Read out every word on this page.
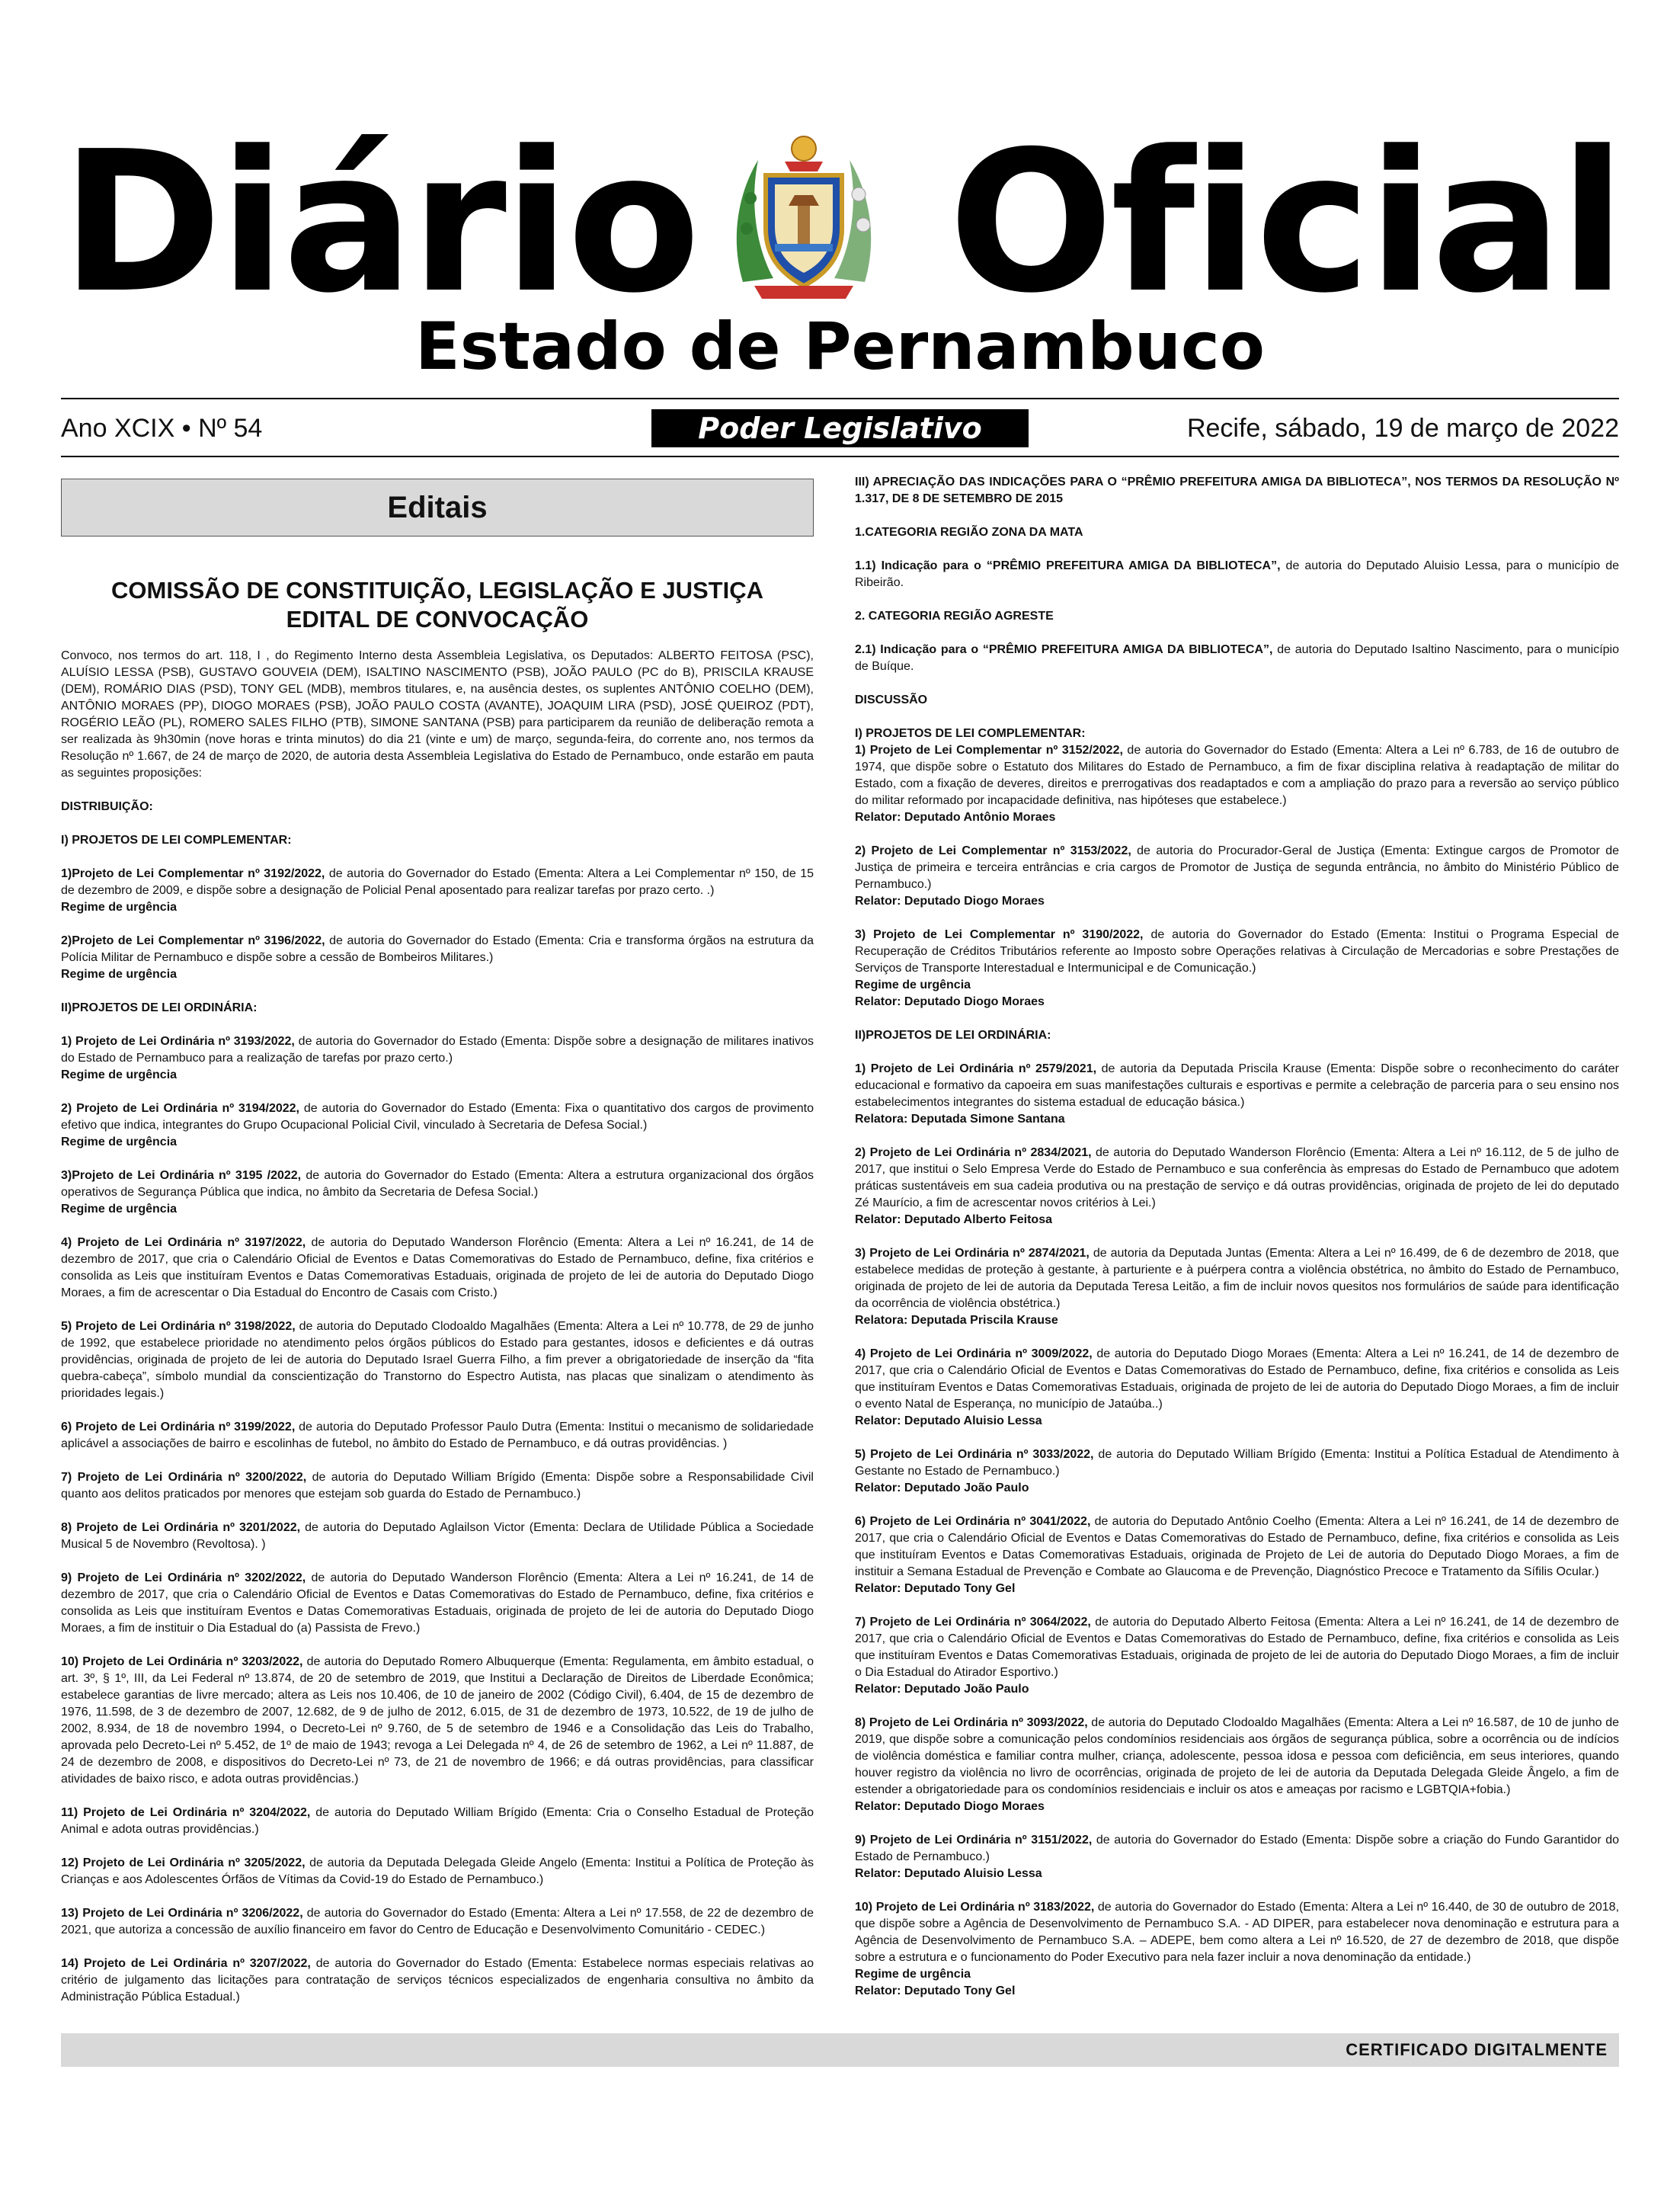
Diário Oficial
Estado de Pernambuco
Ano XCIX • Nº 54	Poder Legislativo	Recife, sábado, 19 de março de 2022
Editais
COMISSÃO DE CONSTITUIÇÃO, LEGISLAÇÃO E JUSTIÇA
EDITAL DE CONVOCAÇÃO

Convoco, nos termos do art. 118, I , do Regimento Interno desta Assembleia Legislativa, os Deputados: ALBERTO FEITOSA (PSC), ALUÍSIO LESSA (PSB), GUSTAVO GOUVEIA (DEM), ISALTINO NASCIMENTO (PSB), JOÃO PAULO (PC do B), PRISCILA KRAUSE (DEM), ROMÁRIO DIAS (PSD), TONY GEL (MDB), membros titulares, e, na ausência destes, os suplentes ANTÔNIO COELHO (DEM), ANTÔNIO MORAES (PP), DIOGO MORAES (PSB), JOÃO PAULO COSTA (AVANTE), JOAQUIM LIRA (PSD), JOSÉ QUEIROZ (PDT), ROGÉRIO LEÃO (PL), ROMERO SALES FILHO (PTB), SIMONE SANTANA (PSB) para participarem da reunião de deliberação remota a ser realizada às 9h30min (nove horas e trinta minutos) do dia 21 (vinte e um) de março, segunda-feira, do corrente ano, nos termos da Resolução nº 1.667, de 24 de março de 2020, de autoria desta Assembleia Legislativa do Estado de Pernambuco, onde estarão em pauta as seguintes proposições:

DISTRIBUIÇÃO:

I) PROJETOS DE LEI COMPLEMENTAR:

1)Projeto de Lei Complementar nº 3192/2022, de autoria do Governador do Estado (Ementa: Altera a Lei Complementar nº 150, de 15 de dezembro de 2009, e dispõe sobre a designação de Policial Penal aposentado para realizar tarefas por prazo certo. .)
Regime de urgência

2)Projeto de Lei Complementar nº 3196/2022, de autoria do Governador do Estado (Ementa: Cria e transforma órgãos na estrutura da Polícia Militar de Pernambuco e dispõe sobre a cessão de Bombeiros Militares.)
Regime de urgência

II)PROJETOS DE LEI ORDINÁRIA:

1) Projeto de Lei Ordinária nº 3193/2022, de autoria do Governador do Estado (Ementa: Dispõe sobre a designação de militares inativos do Estado de Pernambuco para a realização de tarefas por prazo certo.)
Regime de urgência

2) Projeto de Lei Ordinária nº 3194/2022, de autoria do Governador do Estado (Ementa: Fixa o quantitativo dos cargos de provimento efetivo que indica, integrantes do Grupo Ocupacional Policial Civil, vinculado à Secretaria de Defesa Social.)
Regime de urgência

3)Projeto de Lei Ordinária nº 3195 /2022, de autoria do Governador do Estado (Ementa: Altera a estrutura organizacional dos órgãos operativos de Segurança Pública que indica, no âmbito da Secretaria de Defesa Social.)
Regime de urgência

4) Projeto de Lei Ordinária nº 3197/2022, de autoria do Deputado Wanderson Florêncio (Ementa: Altera a Lei nº 16.241, de 14 de dezembro de 2017, que cria o Calendário Oficial de Eventos e Datas Comemorativas do Estado de Pernambuco, define, fixa critérios e consolida as Leis que instituíram Eventos e Datas Comemorativas Estaduais, originada de projeto de lei de autoria do Deputado Diogo Moraes, a fim de acrescentar o Dia Estadual do Encontro de Casais com Cristo.)

5) Projeto de Lei Ordinária nº 3198/2022, de autoria do Deputado Clodoaldo Magalhães (Ementa: Altera a Lei nº 10.778, de 29 de junho de 1992, que estabelece prioridade no atendimento pelos órgãos públicos do Estado para gestantes, idosos e deficientes e dá outras providências, originada de projeto de lei de autoria do Deputado Israel Guerra Filho, a fim prever a obrigatoriedade de inserção da “fita quebra-cabeça”, símbolo mundial da conscientização do Transtorno do Espectro Autista, nas placas que sinalizam o atendimento às prioridades legais.)

6) Projeto de Lei Ordinária nº 3199/2022, de autoria do Deputado Professor Paulo Dutra (Ementa: Institui o mecanismo de solidariedade aplicável a associações de bairro e escolinhas de futebol, no âmbito do Estado de Pernambuco, e dá outras providências. )

7) Projeto de Lei Ordinária nº 3200/2022, de autoria do Deputado William Brígido (Ementa: Dispõe sobre a Responsabilidade Civil quanto aos delitos praticados por menores que estejam sob guarda do Estado de Pernambuco.)

8) Projeto de Lei Ordinária nº 3201/2022, de autoria do Deputado Aglailson Victor (Ementa: Declara de Utilidade Pública a Sociedade Musical 5 de Novembro (Revoltosa). )

9) Projeto de Lei Ordinária nº 3202/2022, de autoria do Deputado Wanderson Florêncio (Ementa: Altera a Lei nº 16.241, de 14 de dezembro de 2017, que cria o Calendário Oficial de Eventos e Datas Comemorativas do Estado de Pernambuco, define, fixa critérios e consolida as Leis que instituíram Eventos e Datas Comemorativas Estaduais, originada de projeto de lei de autoria do Deputado Diogo Moraes, a fim de instituir o Dia Estadual do (a) Passista de Frevo.)

10) Projeto de Lei Ordinária nº 3203/2022, de autoria do Deputado Romero Albuquerque (Ementa: Regulamenta, em âmbito estadual, o art. 3º, § 1º, III, da Lei Federal nº 13.874, de 20 de setembro de 2019, que Institui a Declaração de Direitos de Liberdade Econômica; estabelece garantias de livre mercado; altera as Leis nos 10.406, de 10 de janeiro de 2002 (Código Civil), 6.404, de 15 de dezembro de 1976, 11.598, de 3 de dezembro de 2007, 12.682, de 9 de julho de 2012, 6.015, de 31 de dezembro de 1973, 10.522, de 19 de julho de 2002, 8.934, de 18 de novembro 1994, o Decreto-Lei nº 9.760, de 5 de setembro de 1946 e a Consolidação das Leis do Trabalho, aprovada pelo Decreto-Lei nº 5.452, de 1º de maio de 1943; revoga a Lei Delegada nº 4, de 26 de setembro de 1962, a Lei nº 11.887, de 24 de dezembro de 2008, e dispositivos do Decreto-Lei nº 73, de 21 de novembro de 1966; e dá outras providências, para classificar atividades de baixo risco, e adota outras providências.)

11) Projeto de Lei Ordinária nº 3204/2022, de autoria do Deputado William Brígido (Ementa: Cria o Conselho Estadual de Proteção Animal e adota outras providências.)

12) Projeto de Lei Ordinária nº 3205/2022, de autoria da Deputada Delegada Gleide Angelo (Ementa: Institui a Política de Proteção às Crianças e aos Adolescentes Órfãos de Vítimas da Covid-19 do Estado de Pernambuco.)

13) Projeto de Lei Ordinária nº 3206/2022, de autoria do Governador do Estado (Ementa: Altera a Lei nº 17.558, de 22 de dezembro de 2021, que autoriza a concessão de auxílio financeiro em favor do Centro de Educação e Desenvolvimento Comunitário - CEDEC.)

14) Projeto de Lei Ordinária nº 3207/2022, de autoria do Governador do Estado (Ementa: Estabelece normas especiais relativas ao critério de julgamento das licitações para contratação de serviços técnicos especializados de engenharia consultiva no âmbito da Administração Pública Estadual.)

III) APRECIAÇÃO DAS INDICAÇÕES PARA O “PRÊMIO PREFEITURA AMIGA DA BIBLIOTECA”, NOS TERMOS DA RESOLUÇÃO Nº 1.317, DE 8 DE SETEMBRO DE 2015

1.CATEGORIA REGIÃO ZONA DA MATA

1.1) Indicação para o “PRÊMIO PREFEITURA AMIGA DA BIBLIOTECA”, de autoria do Deputado Aluisio Lessa, para o município de Ribeirão.

2. CATEGORIA REGIÃO AGRESTE

2.1) Indicação para o “PRÊMIO PREFEITURA AMIGA DA BIBLIOTECA”, de autoria do Deputado Isaltino Nascimento, para o município de Buíque.

DISCUSSÃO

I) PROJETOS DE LEI COMPLEMENTAR:

1) Projeto de Lei Complementar nº 3152/2022, de autoria do Governador do Estado (Ementa: Altera a Lei nº 6.783, de 16 de outubro de 1974, que dispõe sobre o Estatuto dos Militares do Estado de Pernambuco, a fim de fixar disciplina relativa à readaptação de militar do Estado, com a fixação de deveres, direitos e prerrogativas dos readaptados e com a ampliação do prazo para a reversão ao serviço público do militar reformado por incapacidade definitiva, nas hipóteses que estabelece.)
Relator: Deputado Antônio Moraes

2) Projeto de Lei Complementar nº 3153/2022, de autoria do Procurador-Geral de Justiça (Ementa: Extingue cargos de Promotor de Justiça de primeira e terceira entrâncias e cria cargos de Promotor de Justiça de segunda entrância, no âmbito do Ministério Público de Pernambuco.)
Relator: Deputado Diogo Moraes

3) Projeto de Lei Complementar nº 3190/2022, de autoria do Governador do Estado (Ementa: Institui o Programa Especial de Recuperação de Créditos Tributários referente ao Imposto sobre Operações relativas à Circulação de Mercadorias e sobre Prestações de Serviços de Transporte Interestadual e Intermunicipal e de Comunicação.)
Regime de urgência
Relator: Deputado Diogo Moraes

II)PROJETOS DE LEI ORDINÁRIA:

1) Projeto de Lei Ordinária nº 2579/2021, de autoria da Deputada Priscila Krause (Ementa: Dispõe sobre o reconhecimento do caráter educacional e formativo da capoeira em suas manifestações culturais e esportivas e permite a celebração de parceria para o seu ensino nos estabelecimentos integrantes do sistema estadual de educação básica.)
Relatora: Deputada Simone Santana

2) Projeto de Lei Ordinária nº 2834/2021, de autoria do Deputado Wanderson Florêncio (Ementa: Altera a Lei nº 16.112, de 5 de julho de 2017, que institui o Selo Empresa Verde do Estado de Pernambuco e sua conferência às empresas do Estado de Pernambuco que adotem práticas sustentáveis em sua cadeia produtiva ou na prestação de serviço e dá outras providências, originada de projeto de lei do deputado Zé Maurício, a fim de acrescentar novos critérios à Lei.)
Relator: Deputado Alberto Feitosa

3) Projeto de Lei Ordinária nº 2874/2021, de autoria da Deputada Juntas (Ementa: Altera a Lei nº 16.499, de 6 de dezembro de 2018, que estabelece medidas de proteção à gestante, à parturiente e à puérpera contra a violência obstétrica, no âmbito do Estado de Pernambuco, originada de projeto de lei de autoria da Deputada Teresa Leitão, a fim de incluir novos quesitos nos formulários de saúde para identificação da ocorrência de violência obstétrica.)
Relatora: Deputada Priscila Krause

4) Projeto de Lei Ordinária nº 3009/2022, de autoria do Deputado Diogo Moraes (Ementa: Altera a Lei nº 16.241, de 14 de dezembro de 2017, que cria o Calendário Oficial de Eventos e Datas Comemorativas do Estado de Pernambuco, define, fixa critérios e consolida as Leis que instituíram Eventos e Datas Comemorativas Estaduais, originada de projeto de lei de autoria do Deputado Diogo Moraes, a fim de incluir o evento Natal de Esperança, no município de Jataúba..)
Relator: Deputado Aluisio Lessa

5) Projeto de Lei Ordinária nº 3033/2022, de autoria do Deputado William Brígido (Ementa: Institui a Política Estadual de Atendimento à Gestante no Estado de Pernambuco.)
Relator: Deputado João Paulo

6) Projeto de Lei Ordinária nº 3041/2022, de autoria do Deputado Antônio Coelho (Ementa: Altera a Lei nº 16.241, de 14 de dezembro de 2017, que cria o Calendário Oficial de Eventos e Datas Comemorativas do Estado de Pernambuco, define, fixa critérios e consolida as Leis que instituíram Eventos e Datas Comemorativas Estaduais, originada de Projeto de Lei de autoria do Deputado Diogo Moraes, a fim de instituir a Semana Estadual de Prevenção e Combate ao Glaucoma e de Prevenção, Diagnóstico Precoce e Tratamento da Sífilis Ocular.)
Relator: Deputado Tony Gel

7) Projeto de Lei Ordinária nº 3064/2022, de autoria do Deputado Alberto Feitosa (Ementa: Altera a Lei nº 16.241, de 14 de dezembro de 2017, que cria o Calendário Oficial de Eventos e Datas Comemorativas do Estado de Pernambuco, define, fixa critérios e consolida as Leis que instituíram Eventos e Datas Comemorativas Estaduais, originada de projeto de lei de autoria do Deputado Diogo Moraes, a fim de incluir o Dia Estadual do Atirador Esportivo.)
Relator: Deputado João Paulo

8) Projeto de Lei Ordinária nº 3093/2022, de autoria do Deputado Clodoaldo Magalhães (Ementa: Altera a Lei nº 16.587, de 10 de junho de 2019, que dispõe sobre a comunicação pelos condomínios residenciais aos órgãos de segurança pública, sobre a ocorrência ou de indícios de violência doméstica e familiar contra mulher, criança, adolescente, pessoa idosa e pessoa com deficiência, em seus interiores, quando houver registro da violência no livro de ocorrências, originada de projeto de lei de autoria da Deputada Delegada Gleide Ângelo, a fim de estender a obrigatoriedade para os condomínios residenciais e incluir os atos e ameaças por racismo e LGBTQIA+fobia.)
Relator: Deputado Diogo Moraes

9) Projeto de Lei Ordinária nº 3151/2022, de autoria do Governador do Estado (Ementa: Dispõe sobre a criação do Fundo Garantidor do Estado de Pernambuco.)
Relator: Deputado Aluisio Lessa

10) Projeto de Lei Ordinária nº 3183/2022, de autoria do Governador do Estado (Ementa: Altera a Lei nº 16.440, de 30 de outubro de 2018, que dispõe sobre a Agência de Desenvolvimento de Pernambuco S.A. - AD DIPER, para estabelecer nova denominação e estrutura para a Agência de Desenvolvimento de Pernambuco S.A. – ADEPE, bem como altera a Lei nº 16.520, de 27 de dezembro de 2018, que dispõe sobre a estrutura e o funcionamento do Poder Executivo para nela fazer incluir a nova denominação da entidade.)
Regime de urgência
Relator: Deputado Tony Gel

CERTIFICADO DIGITALMENTE
